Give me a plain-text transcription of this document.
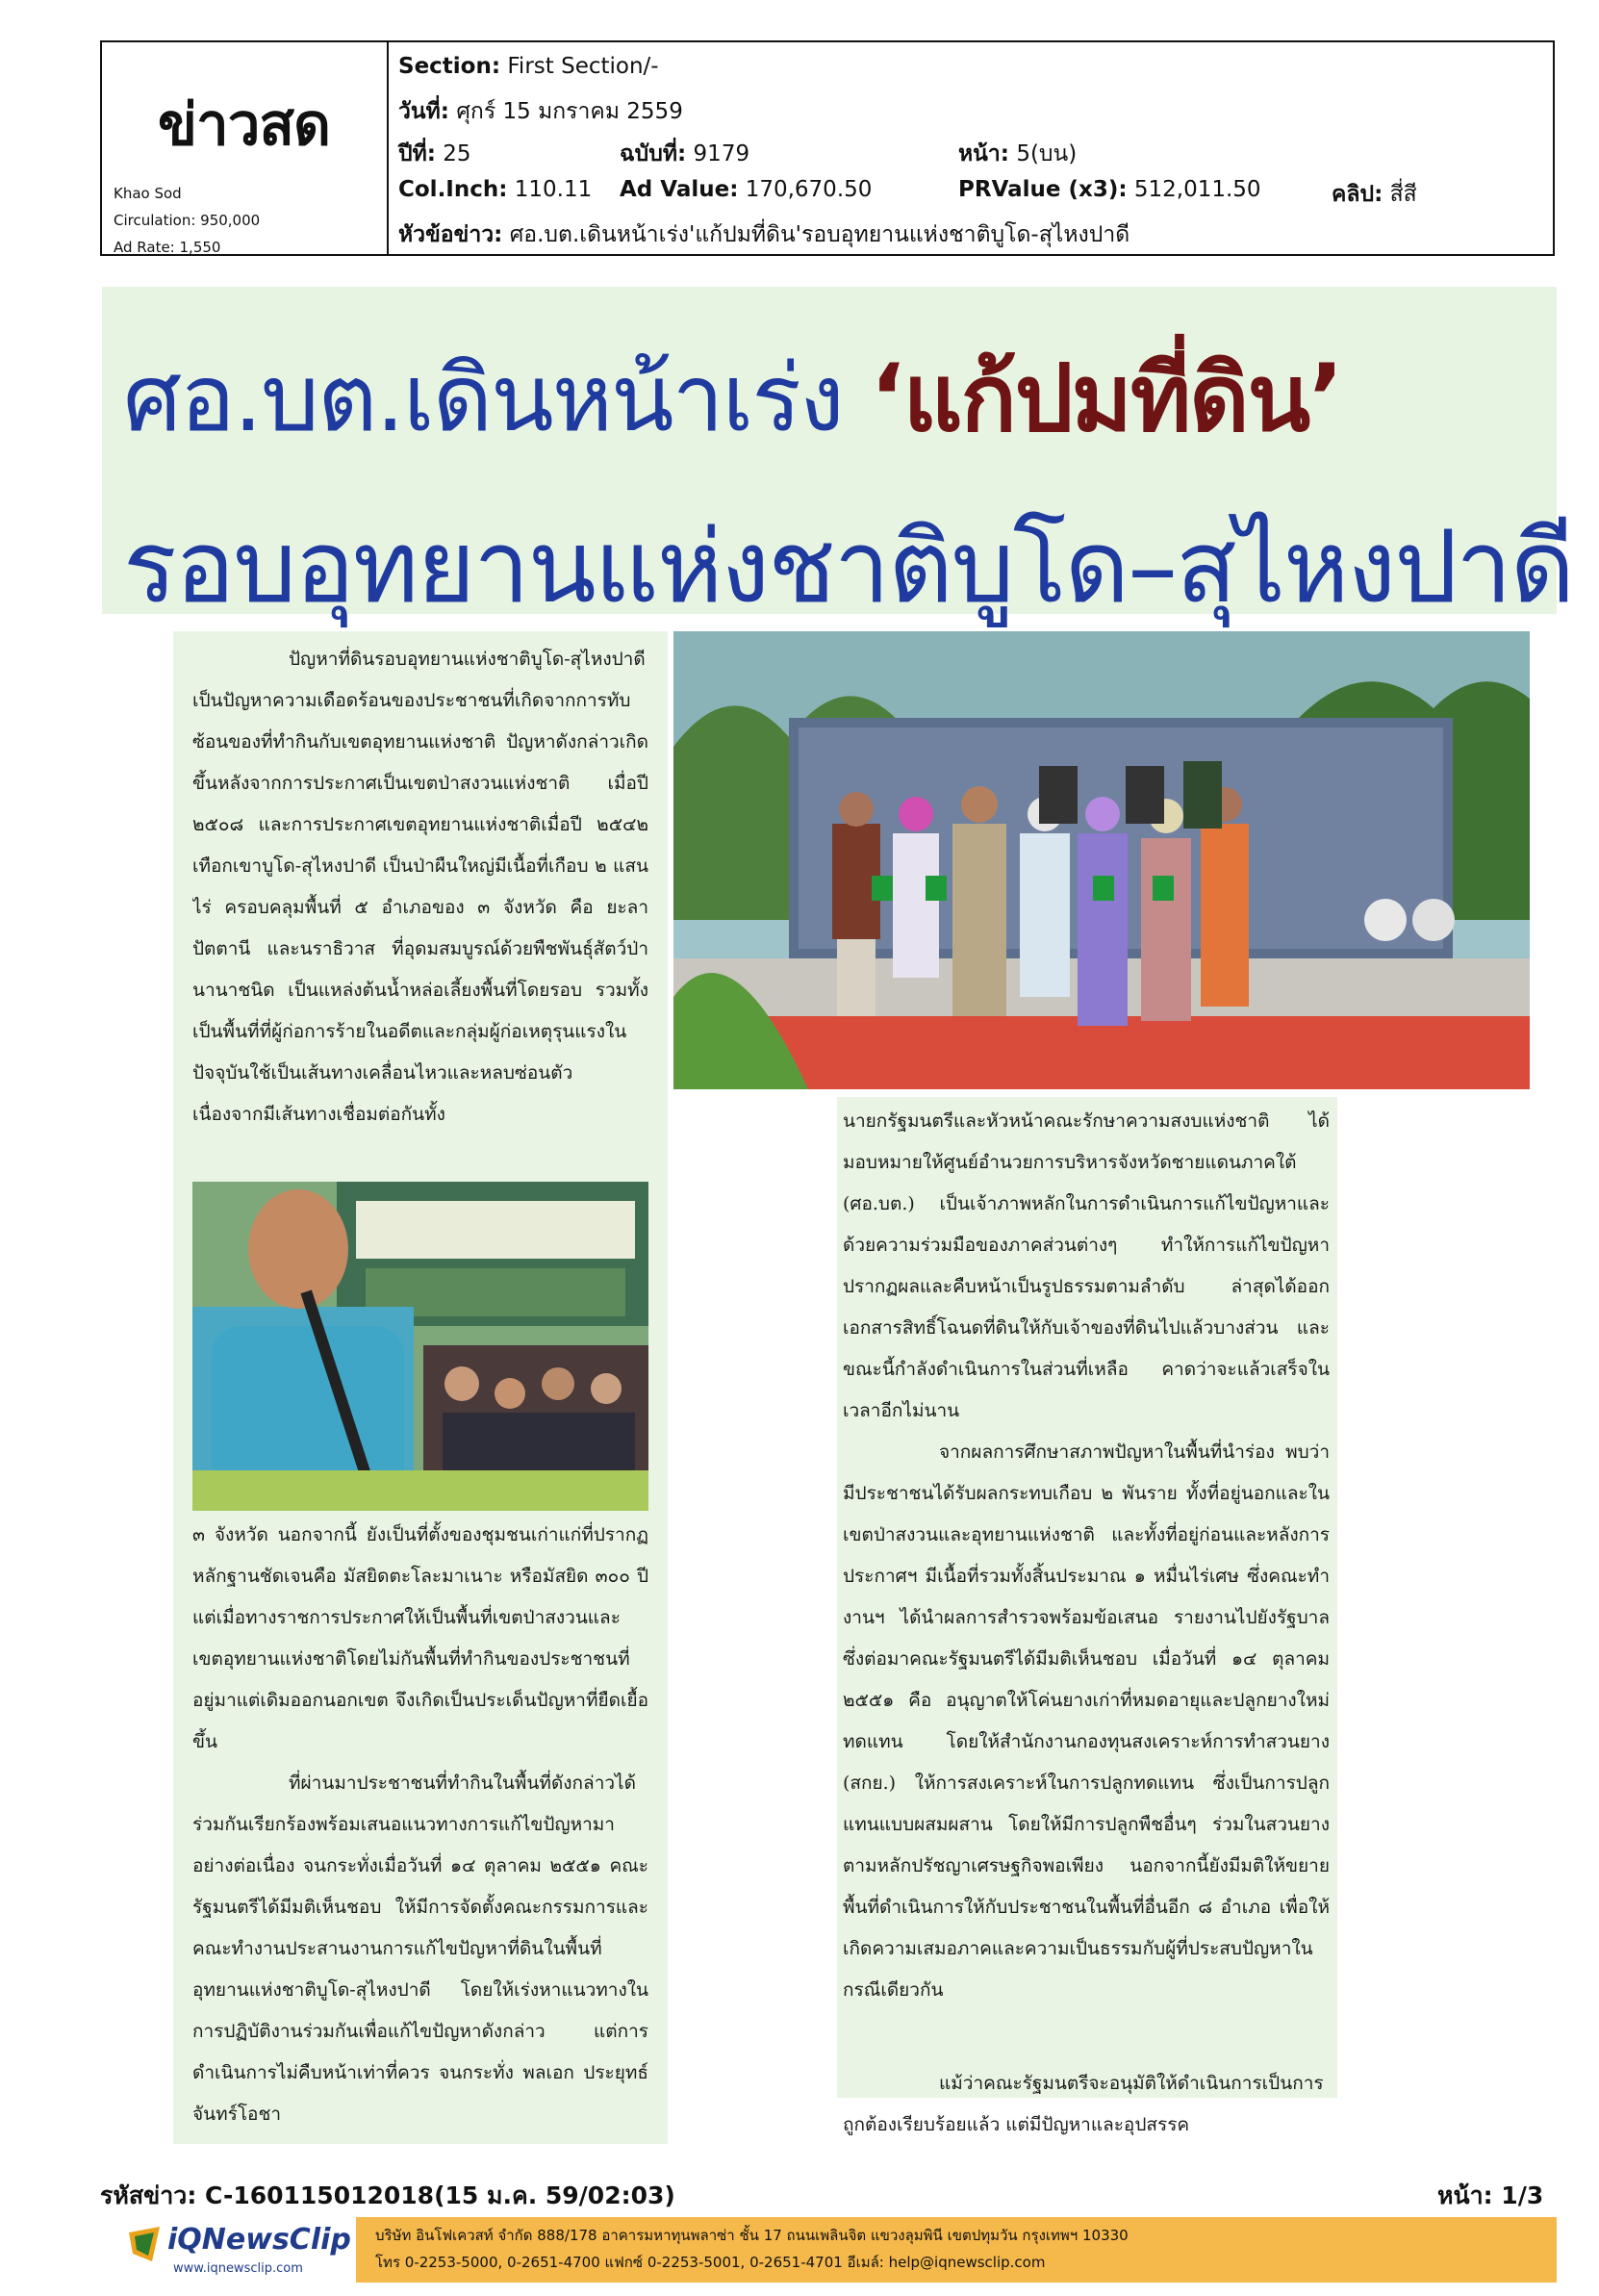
ข่าวสด
Khao Sod
Circulation: 950,000
Ad Rate: 1,550
Section: First Section/-
วันที่: ศุกร์ 15 มกราคม 2559
ปีที่: 25	ฉบับที่: 9179	หน้า: 5(บน)
Col.Inch: 110.11 Ad Value: 170,670.50	PRValue (x3): 512,011.50	คลิป: สี่สี
หัวข้อข่าว: ศอ.บต.เดินหน้าเร่ง'แก้ปมที่ดิน'รอบอุทยานแห่งชาติบูโด-สุไหงปาดี
ศอ.บต.เดินหน้าเร่ง ‘แก้ปมที่ดิน’
รอบอุทยานแห่งชาติบูโด–สุไหงปาดี
ปัญหาที่ดินรอบอุทยานแห่งชาติบูโด-สุไหงปาดี เป็นปัญหาความเดือดร้อนของประชาชนที่เกิดจากการทับซ้อนของที่ทำกินกับเขตอุทยานแห่งชาติ ปัญหาดังกล่าวเกิดขึ้นหลังจากการประกาศเป็นเขตป่าสงวนแห่งชาติ เมื่อปี ๒๕๐๘ และการประกาศเขตอุทยานแห่งชาติเมื่อปี ๒๕๔๒ เทือกเขาบูโด-สุไหงปาดี เป็นป่าผืนใหญ่มีเนื้อที่เกือบ ๒ แสนไร่ ครอบคลุมพื้นที่ ๕ อำเภอของ ๓ จังหวัด คือ ยะลา ปัตตานี และนราธิวาส ที่อุดมสมบูรณ์ด้วยพืชพันธุ์สัตว์ป่านานาชนิด เป็นแหล่งต้นน้ำหล่อเลี้ยงพื้นที่โดยรอบ รวมทั้งเป็นพื้นที่ที่ผู้ก่อการร้ายในอดีตและกลุ่มผู้ก่อเหตุรุนแรงในปัจจุบันใช้เป็นเส้นทางเคลื่อนไหวและหลบซ่อนตัว เนื่องจากมีเส้นทางเชื่อมต่อกันทั้ง
๓ จังหวัด นอกจากนี้ ยังเป็นที่ตั้งของชุมชนเก่าแก่ที่ปรากฏหลักฐานชัดเจนคือ มัสยิดตะโละมาเนาะ หรือมัสยิด ๓๐๐ ปี แต่เมื่อทางราชการประกาศให้เป็นพื้นที่เขตป่าสงวนและเขตอุทยานแห่งชาติโดยไม่กันพื้นที่ทำกินของประชาชนที่อยู่มาแต่เดิมออกนอกเขต จึงเกิดเป็นประเด็นปัญหาที่ยืดเยื้อขึ้น
ที่ผ่านมาประชาชนที่ทำกินในพื้นที่ดังกล่าวได้ร่วมกันเรียกร้องพร้อมเสนอแนวทางการแก้ไขปัญหามาอย่างต่อเนื่อง จนกระทั่งเมื่อวันที่ ๑๔ ตุลาคม ๒๕๕๑ คณะรัฐมนตรีได้มีมติเห็นชอบ ให้มีการจัดตั้งคณะกรรมการและคณะทำงานประสานงานการแก้ไขปัญหาที่ดินในพื้นที่อุทยานแห่งชาติบูโด-สุไหงปาดี โดยให้เร่งหาแนวทางในการปฏิบัติงานร่วมกันเพื่อแก้ไขปัญหาดังกล่าว แต่การดำเนินการไม่คืบหน้าเท่าที่ควร จนกระทั่ง พลเอก ประยุทธ์ จันทร์โอชา
นายกรัฐมนตรีและหัวหน้าคณะรักษาความสงบแห่งชาติ ได้มอบหมายให้ศูนย์อำนวยการบริหารจังหวัดชายแดนภาคใต้ (ศอ.บต.) เป็นเจ้าภาพหลักในการดำเนินการแก้ไขปัญหาและด้วยความร่วมมือของภาคส่วนต่างๆ ทำให้การแก้ไขปัญหาปรากฏผลและคืบหน้าเป็นรูปธรรมตามลำดับ ล่าสุดได้ออกเอกสารสิทธิ์โฉนดที่ดินให้กับเจ้าของที่ดินไปแล้วบางส่วน และขณะนี้กำลังดำเนินการในส่วนที่เหลือ คาดว่าจะแล้วเสร็จในเวลาอีกไม่นาน
จากผลการศึกษาสภาพปัญหาในพื้นที่นำร่อง พบว่ามีประชาชนได้รับผลกระทบเกือบ ๒ พันราย ทั้งที่อยู่นอกและในเขตป่าสงวนและอุทยานแห่งชาติ และทั้งที่อยู่ก่อนและหลังการประกาศฯ มีเนื้อที่รวมทั้งสิ้นประมาณ ๑ หมื่นไร่เศษ ซึ่งคณะทำงานฯ ได้นำผลการสำรวจพร้อมข้อเสนอ รายงานไปยังรัฐบาล ซึ่งต่อมาคณะรัฐมนตรีได้มีมติเห็นชอบ เมื่อวันที่ ๑๔ ตุลาคม ๒๕๕๑ คือ อนุญาตให้โค่นยางเก่าที่หมดอายุและปลูกยางใหม่ทดแทน โดยให้สำนักงานกองทุนสงเคราะห์การทำสวนยาง (สกย.) ให้การสงเคราะห์ในการปลูกทดแทน ซึ่งเป็นการปลูกแทนแบบผสมผสาน โดยให้มีการปลูกพืชอื่นๆ ร่วมในสวนยางตามหลักปรัชญาเศรษฐกิจพอเพียง นอกจากนี้ยังมีมติให้ขยายพื้นที่ดำเนินการให้กับประชาชนในพื้นที่อื่นอีก ๘ อำเภอ เพื่อให้เกิดความเสมอภาคและความเป็นธรรมกับผู้ที่ประสบปัญหาในกรณีเดียวกัน
แม้ว่าคณะรัฐมนตรีจะอนุมัติให้ดำเนินการเป็นการถูกต้องเรียบร้อยแล้ว แต่มีปัญหาและอุปสรรค
รหัสข่าว: C-160115012018(15 ม.ค. 59/02:03)	หน้า: 1/3
iQNewsClip
www.iqnewsclip.com
บริษัท อินโฟเควสท์ จำกัด 888/178 อาคารมหาทุนพลาซ่า ชั้น 17 ถนนเพลินจิต แขวงลุมพินี เขตปทุมวัน กรุงเทพฯ 10330
โทร 0-2253-5000, 0-2651-4700 แฟกซ์ 0-2253-5001, 0-2651-4701 อีเมล์: help@iqnewsclip.com
